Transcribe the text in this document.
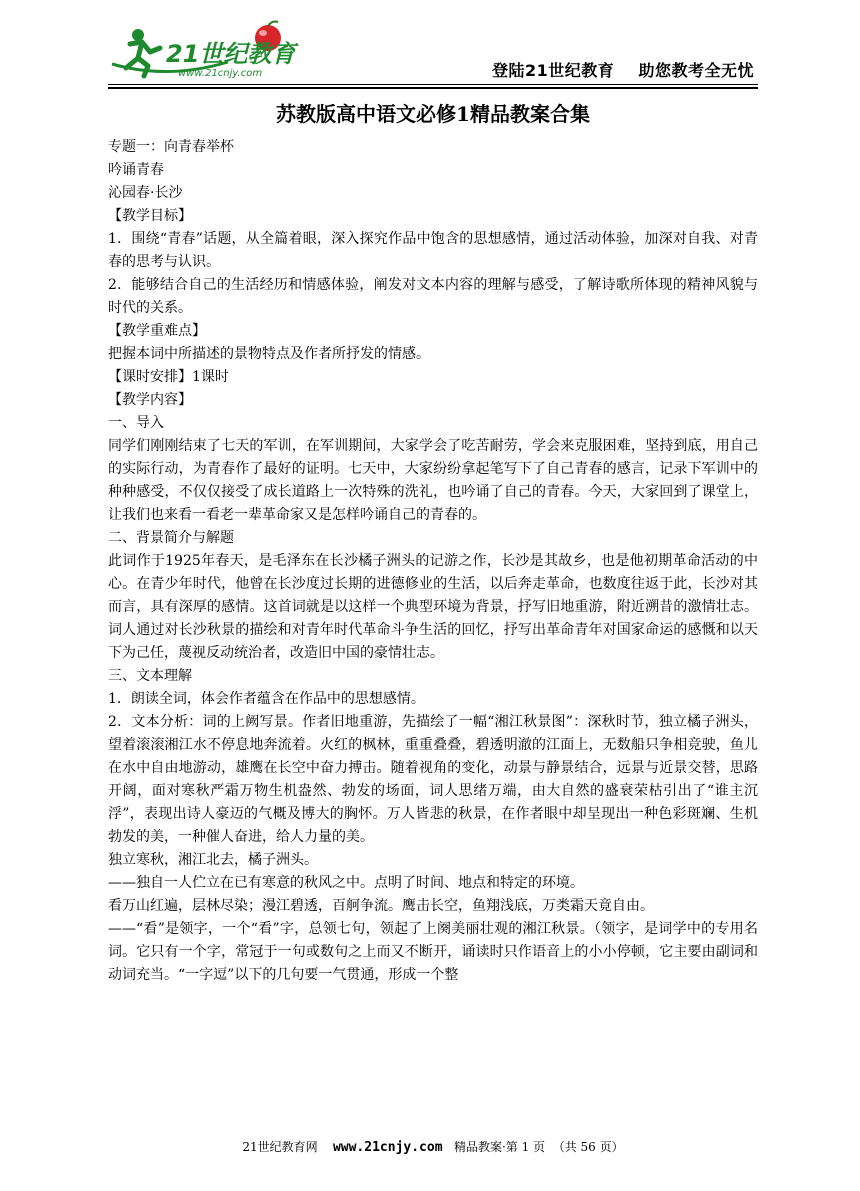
21世纪教育
www.21cnjy.com	登陆21世纪教育    助您教考全无忧
苏教版高中语文必修1精品教案合集

专题一：向青春举杯

吟诵青春

沁园春·长沙

【教学目标】

1．围绕“青春”话题，从全篇着眼，深入探究作品中饱含的思想感情，通过活动体验，加深对自我、对青春的思考与认识。

2．能够结合自己的生活经历和情感体验，阐发对文本内容的理解与感受，了解诗歌所体现的精神风貌与时代的关系。

【教学重难点】

把握本词中所描述的景物特点及作者所抒发的情感。

【课时安排】1课时

【教学内容】

一、导入

同学们刚刚结束了七天的军训，在军训期间，大家学会了吃苦耐劳，学会来克服困难，坚持到底，用自己的实际行动，为青春作了最好的证明。七天中，大家纷纷拿起笔写下了自己青春的感言，记录下军训中的种种感受，不仅仅接受了成长道路上一次特殊的洗礼，也吟诵了自己的青春。今天，大家回到了课堂上，让我们也来看一看老一辈革命家又是怎样吟诵自己的青春的。

二、背景简介与解题

此词作于1925年春天，是毛泽东在长沙橘子洲头的记游之作，长沙是其故乡，也是他初期革命活动的中心。在青少年时代，他曾在长沙度过长期的进德修业的生活，以后奔走革命，也数度往返于此，长沙对其而言，具有深厚的感情。这首词就是以这样一个典型环境为背景，抒写旧地重游，附近溯昔的激情壮志。词人通过对长沙秋景的描绘和对青年时代革命斗争生活的回忆，抒写出革命青年对国家命运的感慨和以天下为己任，蔑视反动统治者，改造旧中国的豪情壮志。

三、文本理解

1．朗读全词，体会作者蕴含在作品中的思想感情。

2．文本分析：词的上阙写景。作者旧地重游，先描绘了一幅“湘江秋景图”：深秋时节，独立橘子洲头，望着滚滚湘江水不停息地奔流着。火红的枫林，重重叠叠，碧透明澈的江面上，无数船只争相竞驶，鱼儿在水中自由地游动，雄鹰在长空中奋力搏击。随着视角的变化，动景与静景结合，远景与近景交替，思路开阔，面对寒秋严霜万物生机盎然、勃发的场面，词人思绪万端，由大自然的盛衰荣枯引出了“谁主沉浮”，表现出诗人豪迈的气概及博大的胸怀。万人皆悲的秋景，在作者眼中却呈现出一种色彩斑斓、生机勃发的美，一种催人奋进，给人力量的美。

独立寒秋，湘江北去，橘子洲头。

——独自一人伫立在已有寒意的秋风之中。点明了时间、地点和特定的环境。

看万山红遍，层林尽染；漫江碧透，百舸争流。鹰击长空，鱼翔浅底，万类霜天竟自由。

——“看”是领字，一个“看”字，总领七句，领起了上阕美丽壮观的湘江秋景。（领字，是词学中的专用名词。它只有一个字，常冠于一句或数句之上而又不断开，诵读时只作语音上的小小停顿，它主要由副词和动词充当。“一字逗”以下的几句要一气贯通，形成一个整

21世纪教育网 www.21cnjy.com 精品教案·第 1 页  （共 56 页）
